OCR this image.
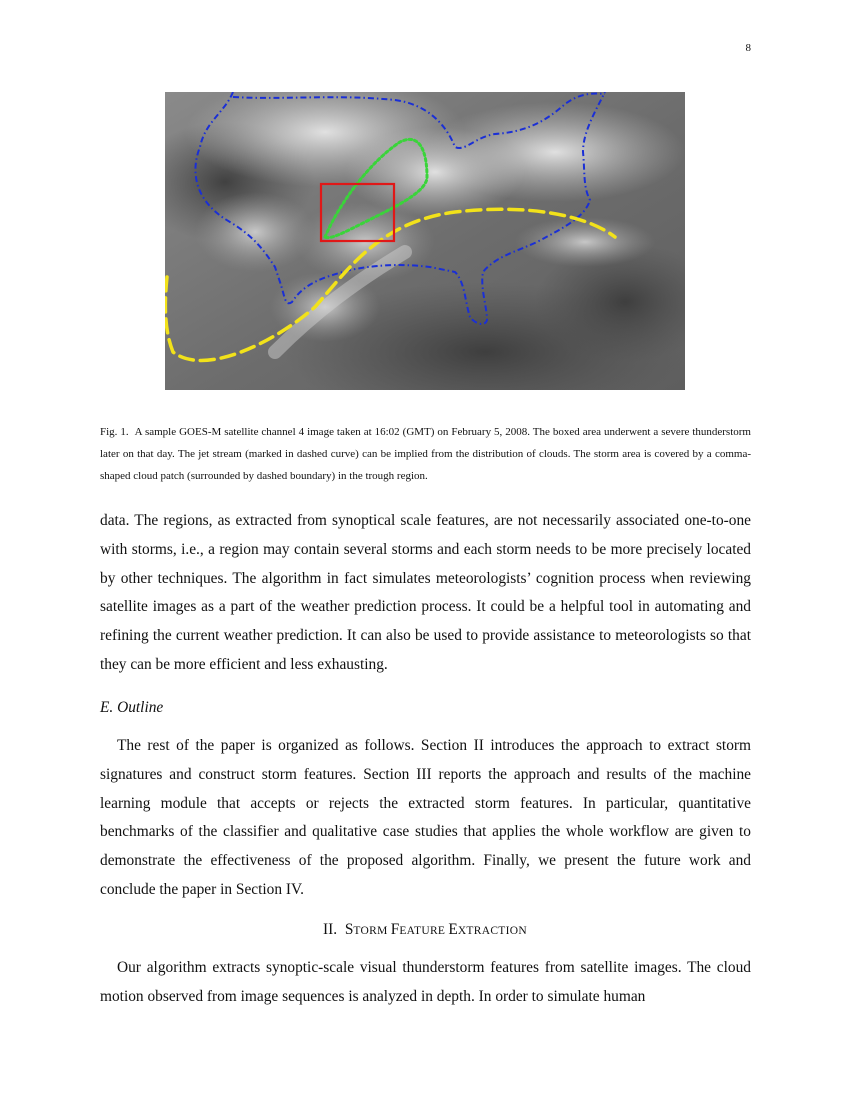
8
Fig. 1. A sample GOES-M satellite channel 4 image taken at 16:02 (GMT) on February 5, 2008. The boxed area underwent a severe thunderstorm later on that day. The jet stream (marked in dashed curve) can be implied from the distribution of clouds. The storm area is covered by a comma-shaped cloud patch (surrounded by dashed boundary) in the trough region.

data. The regions, as extracted from synoptical scale features, are not necessarily associated one-to-one with storms, i.e., a region may contain several storms and each storm needs to be more precisely located by other techniques. The algorithm in fact simulates meteorologists’ cognition process when reviewing satellite images as a part of the weather prediction process. It could be a helpful tool in automating and refining the current weather prediction. It can also be used to provide assistance to meteorologists so that they can be more efficient and less exhausting.

E. Outline

The rest of the paper is organized as follows. Section II introduces the approach to extract storm signatures and construct storm features. Section III reports the approach and results of the machine learning module that accepts or rejects the extracted storm features. In particular, quantitative benchmarks of the classifier and qualitative case studies that applies the whole workflow are given to demonstrate the effectiveness of the proposed algorithm. Finally, we present the future work and conclude the paper in Section IV.

II. STORM FEATURE EXTRACTION

Our algorithm extracts synoptic-scale visual thunderstorm features from satellite images. The cloud motion observed from image sequences is analyzed in depth. In order to simulate human
